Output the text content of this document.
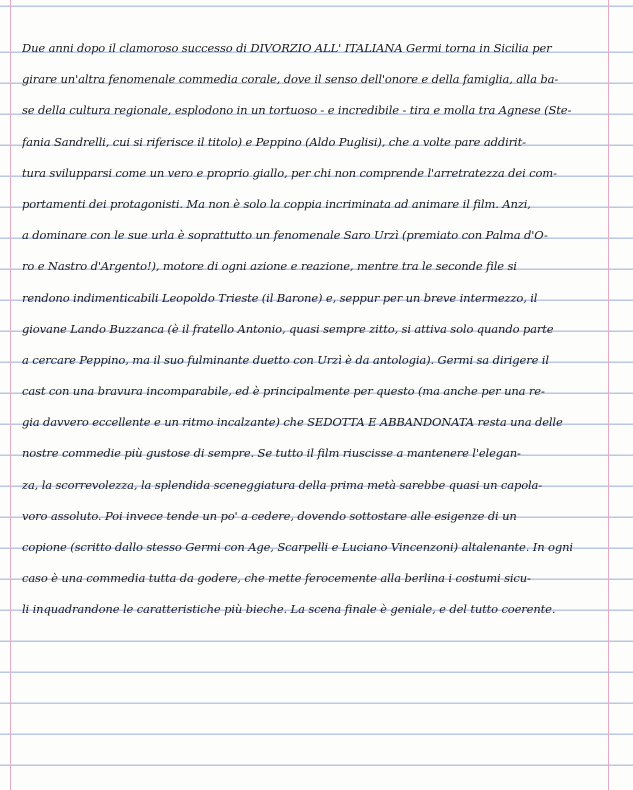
Due anni dopo il clamoroso successo di DIVORZIO ALL' ITALIANA Germi torna in Sicilia per
girare un'altra fenomenale commedia corale, dove il senso dell'onore e della famiglia, alla ba-
se della cultura regionale, esplodono in un tortuoso - e incredibile - tira e molla tra Agnese (Ste-
fania Sandrelli, cui si riferisce il titolo) e Peppino (Aldo Puglisi), che a volte pare addirit-
tura svilupparsi come un vero e proprio giallo, per chi non comprende l'arretratezza dei com-
portamenti dei protagonisti. Ma non è solo la coppia incriminata ad animare il film. Anzi,
a dominare con le sue urla è soprattutto un fenomenale Saro Urzì (premiato con Palma d'O-
ro e Nastro d'Argento!), motore di ogni azione e reazione, mentre tra le seconde file si
rendono indimenticabili Leopoldo Trieste (il Barone) e, seppur per un breve intermezzo, il
giovane Lando Buzzanca (è il fratello Antonio, quasi sempre zitto, si attiva solo quando parte
a cercare Peppino, ma il suo fulminante duetto con Urzì è da antologia). Germi sa dirigere il
cast con una bravura incomparabile, ed è principalmente per questo (ma anche per una re-
gia davvero eccellente e un ritmo incalzante) che SEDOTTA E ABBANDONATA resta una delle
nostre commedie più gustose di sempre. Se tutto il film riuscisse a mantenere l'elegan-
za, la scorrevolezza, la splendida sceneggiatura della prima metà sarebbe quasi un capola-
voro assoluto. Poi invece tende un po' a cedere, dovendo sottostare alle esigenze di un
copione (scritto dallo stesso Germi con Age, Scarpelli e Luciano Vincenzoni) altalenante. In ogni
caso è una commedia tutta da godere, che mette ferocemente alla berlina i costumi sicu-
li inquadrandone le caratteristiche più bieche. La scena finale è geniale, e del tutto coerente.
